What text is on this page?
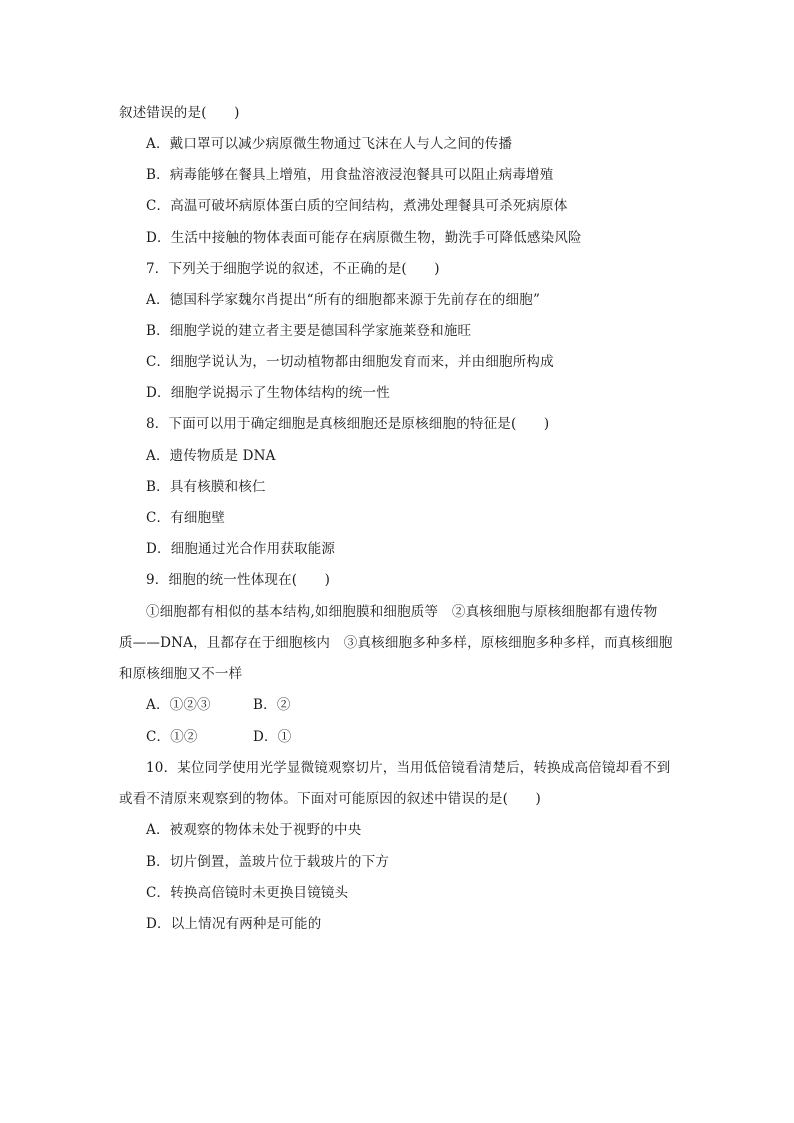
叙述错误的是(　　)
A．戴口罩可以减少病原微生物通过飞沫在人与人之间的传播
B．病毒能够在餐具上增殖，用食盐溶液浸泡餐具可以阻止病毒增殖
C．高温可破坏病原体蛋白质的空间结构，煮沸处理餐具可杀死病原体
D．生活中接触的物体表面可能存在病原微生物，勤洗手可降低感染风险
7．下列关于细胞学说的叙述，不正确的是(　　)
A．德国科学家魏尔肖提出“所有的细胞都来源于先前存在的细胞”
B．细胞学说的建立者主要是德国科学家施莱登和施旺
C．细胞学说认为，一切动植物都由细胞发育而来，并由细胞所构成
D．细胞学说揭示了生物体结构的统一性
8．下面可以用于确定细胞是真核细胞还是原核细胞的特征是(　　)
A．遗传物质是 DNA
B．具有核膜和核仁
C．有细胞壁
D．细胞通过光合作用获取能源
9．细胞的统一性体现在(　　)
①细胞都有相似的基本结构,如细胞膜和细胞质等　②真核细胞与原核细胞都有遗传物
质——DNA，且都存在于细胞核内　③真核细胞多种多样，原核细胞多种多样，而真核细胞
和原核细胞又不一样
A．①②③	B．②
C．①②	D．①
10．某位同学使用光学显微镜观察切片，当用低倍镜看清楚后，转换成高倍镜却看不到
或看不清原来观察到的物体。下面对可能原因的叙述中错误的是(　　)
A．被观察的物体未处于视野的中央
B．切片倒置，盖玻片位于载玻片的下方
C．转换高倍镜时未更换目镜镜头
D．以上情况有两种是可能的
